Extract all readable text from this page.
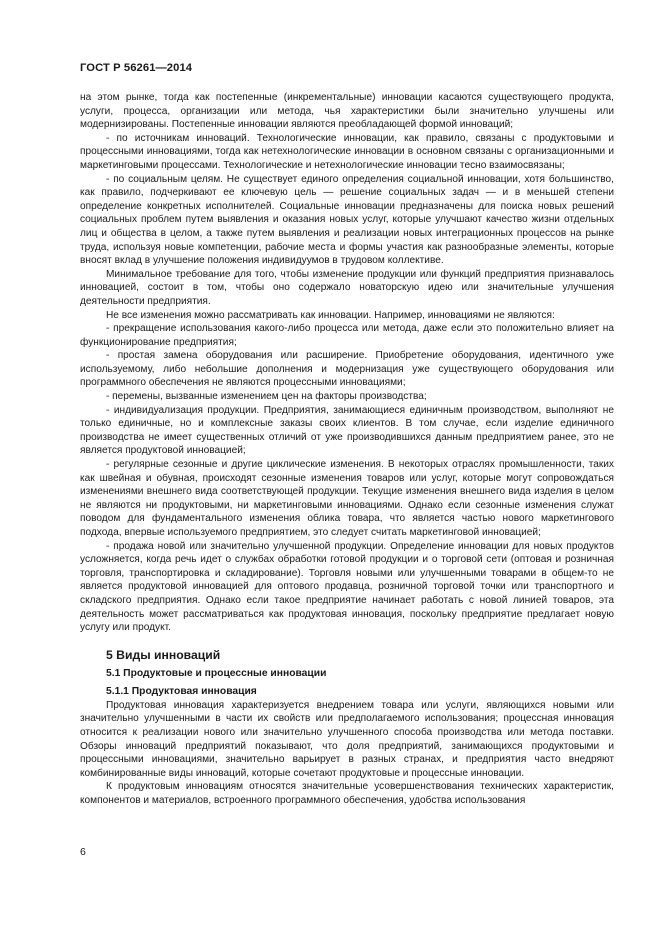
ГОСТ Р 56261—2014

на этом рынке, тогда как постепенные (инкрементальные) инновации касаются существующего продукта, услуги, процесса, организации или метода, чья характеристики были значительно улучшены или модернизированы. Постепенные инновации являются преобладающей формой инноваций;

- по источникам инноваций. Технологические инновации, как правило, связаны с продуктовыми и процессными инновациями, тогда как нетехнологические инновации в основном связаны с организационными и маркетинговыми процессами. Технологические и нетехнологические инновации тесно взаимосвязаны;

- по социальным целям. Не существует единого определения социальной инновации, хотя большинство, как правило, подчеркивают ее ключевую цель — решение социальных задач — и в меньшей степени определение конкретных исполнителей. Социальные инновации предназначены для поиска новых решений социальных проблем путем выявления и оказания новых услуг, которые улучшают качество жизни отдельных лиц и общества в целом, а также путем выявления и реализации новых интеграционных процессов на рынке труда, используя новые компетенции, рабочие места и формы участия как разнообразные элементы, которые вносят вклад в улучшение положения индивидуумов в трудовом коллективе.

Минимальное требование для того, чтобы изменение продукции или функций предприятия признавалось инновацией, состоит в том, чтобы оно содержало новаторскую идею или значительные улучшения деятельности предприятия.

Не все изменения можно рассматривать как инновации. Например, инновациями не являются:

- прекращение использования какого-либо процесса или метода, даже если это положительно влияет на функционирование предприятия;

- простая замена оборудования или расширение. Приобретение оборудования, идентичного уже используемому, либо небольшие дополнения и модернизация уже существующего оборудования или программного обеспечения не являются процессными инновациями;

- перемены, вызванные изменением цен на факторы производства;

- индивидуализация продукции. Предприятия, занимающиеся единичным производством, выполняют не только единичные, но и комплексные заказы своих клиентов. В том случае, если изделие единичного производства не имеет существенных отличий от уже производившихся данным предприятием ранее, это не является продуктовой инновацией;

- регулярные сезонные и другие циклические изменения. В некоторых отраслях промышленности, таких как швейная и обувная, происходят сезонные изменения товаров или услуг, которые могут сопровождаться изменениями внешнего вида соответствующей продукции. Текущие изменения внешнего вида изделия в целом не являются ни продуктовыми, ни маркетинговыми инновациями. Однако если сезонные изменения служат поводом для фундаментального изменения облика товара, что является частью нового маркетингового подхода, впервые используемого предприятием, это следует считать маркетинговой инновацией;

- продажа новой или значительно улучшенной продукции. Определение инновации для новых продуктов усложняется, когда речь идет о службах обработки готовой продукции и о торговой сети (оптовая и розничная торговля, транспортировка и складирование). Торговля новыми или улучшенными товарами в общем-то не является продуктовой инновацией для оптового продавца, розничной торговой точки или транспортного и складского предприятия. Однако если такое предприятие начинает работать с новой линией товаров, эта деятельность может рассматриваться как продуктовая инновация, поскольку предприятие предлагает новую услугу или продукт.

5 Виды инноваций
5.1 Продуктовые и процессные инновации
5.1.1 Продуктовая инновация

Продуктовая инновация характеризуется внедрением товара или услуги, являющихся новыми или значительно улучшенными в части их свойств или предполагаемого использования; процессная инновация относится к реализации нового или значительно улучшенного способа производства или метода поставки. Обзоры инноваций предприятий показывают, что доля предприятий, занимающихся продуктовыми и процессными инновациями, значительно варьирует в разных странах, и предприятия часто внедряют комбинированные виды инноваций, которые сочетают продуктовые и процессные инновации.

К продуктовым инновациям относятся значительные усовершенствования технических характеристик, компонентов и материалов, встроенного программного обеспечения, удобства использования

6
